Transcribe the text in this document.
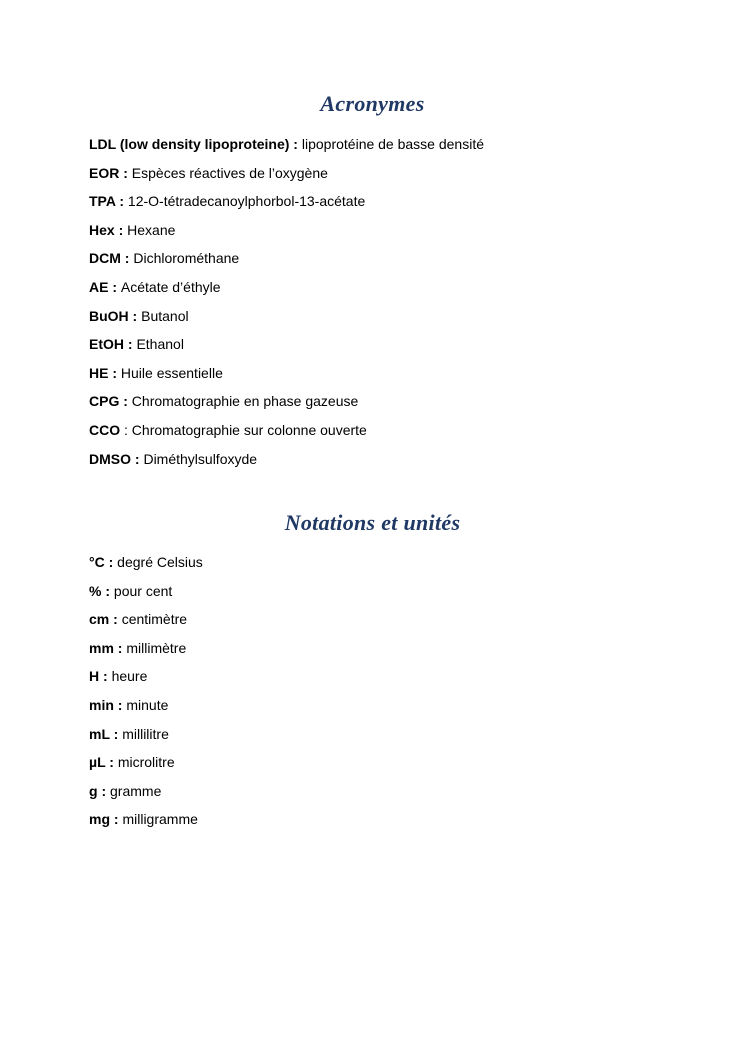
Acronymes
LDL (low density lipoproteine) : lipoprotéine de basse densité
EOR : Espèces réactives de l’oxygène
TPA : 12-O-tétradecanoylphorbol-13-acétate
Hex : Hexane
DCM : Dichlorométhane
AE : Acétate d’éthyle
BuOH : Butanol
EtOH : Ethanol
HE : Huile essentielle
CPG : Chromatographie en phase gazeuse
CCO : Chromatographie sur colonne ouverte
DMSO : Diméthylsulfoxyde
Notations et unités
°C : degré Celsius
% : pour cent
cm : centimètre
mm : millimètre
H : heure
min : minute
mL : millilitre
µL : microlitre
g : gramme
mg : milligramme
